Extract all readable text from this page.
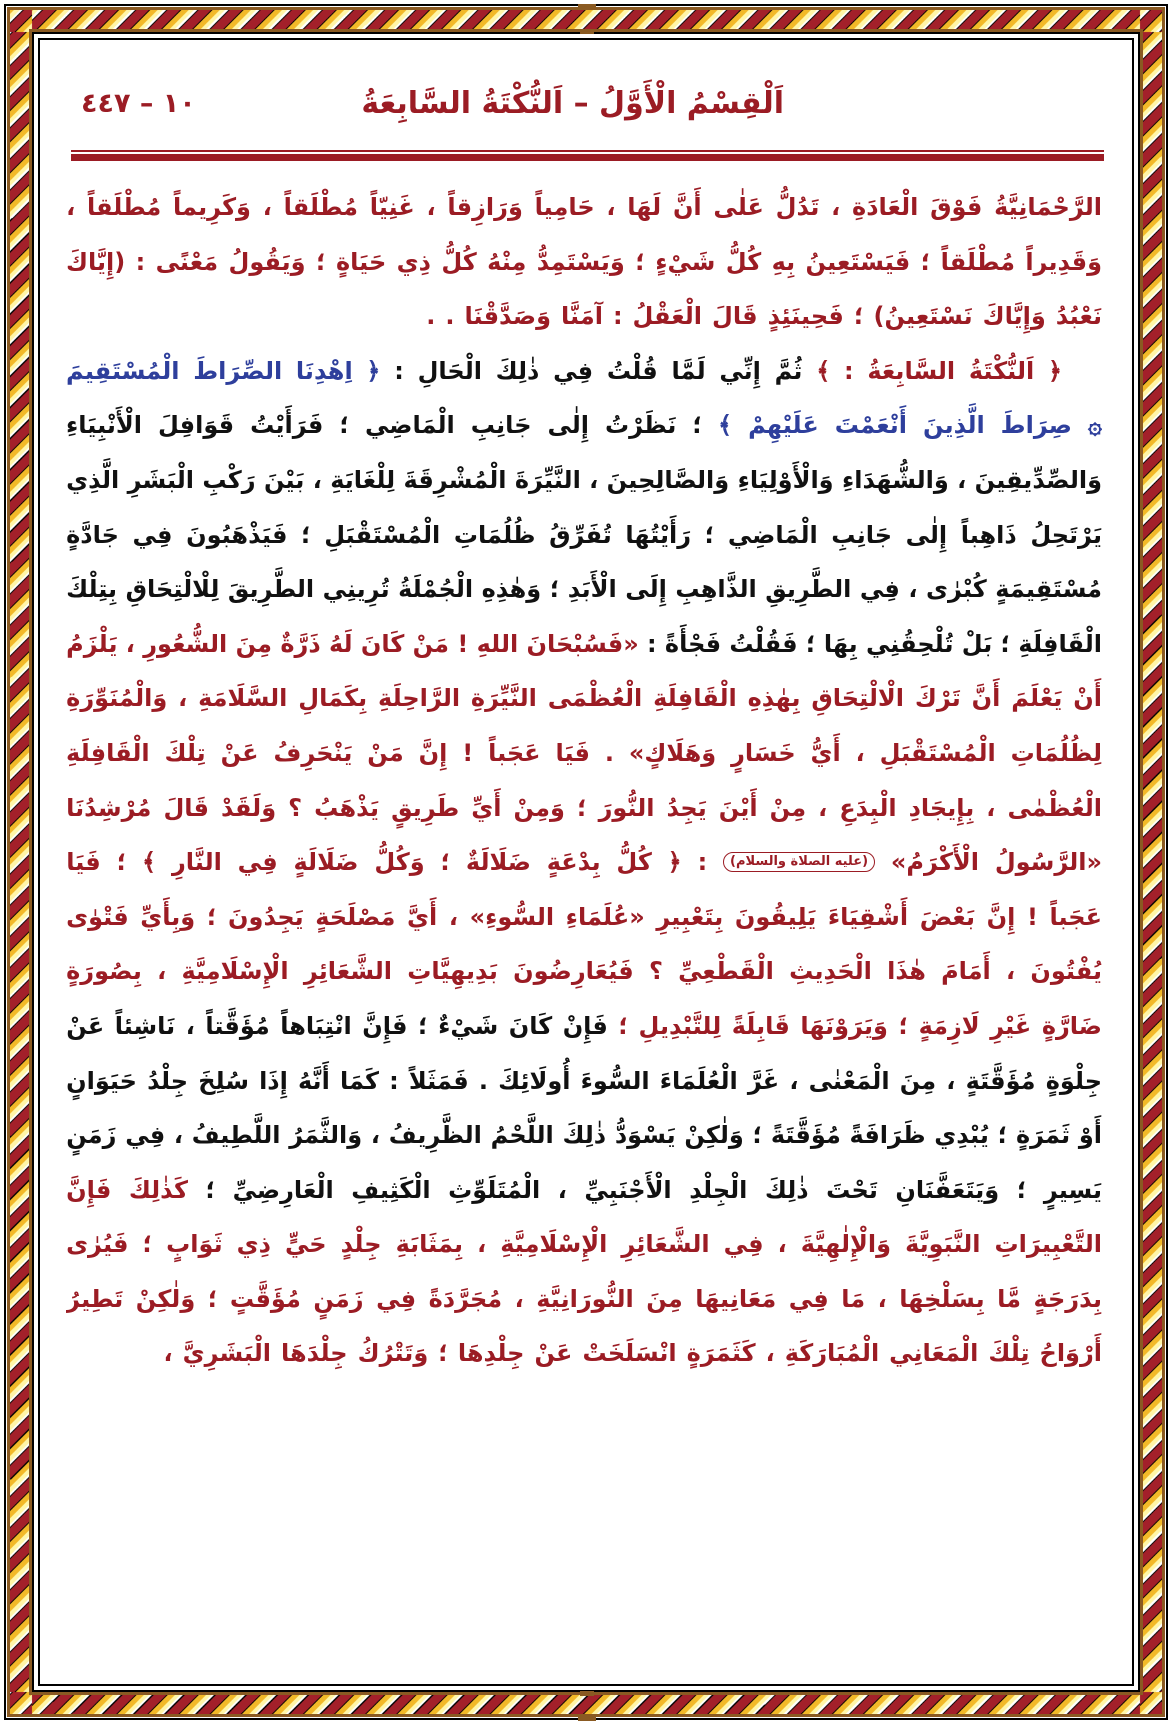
اَلْقِسْمُ الْأَوَّلُ – اَلنُّكْتَةُ السَّابِعَةُ
١٠ – ٤٤٧
الرَّحْمَانِيَّةُ
فَوْقَ
الْعَادَةِ
،
تَدُلُّ
عَلٰى
أَنَّ
لَهَا
،
حَامِياً
وَرَازِقاً
،
غَنِيّاً
مُطْلَقاً
،
وَكَرِيماً
مُطْلَقاً
،
وَقَدِيراً
مُطْلَقاً
؛
فَيَسْتَعِينُ
بِهِ
كُلُّ
شَيْءٍ
؛
وَيَسْتَمِدُّ
مِنْهُ
كُلُّ
ذِي
حَيَاةٍ
؛
وَيَقُولُ
مَعْنًى
:
(إِيَّاكَ
نَعْبُدُ
وَإِيَّاكَ
نَسْتَعِينُ)
؛
فَحِينَئِذٍ
قَالَ
الْعَقْلُ
:
آمَنَّا
وَصَدَّقْنَا
.
.
﴿
اَلنُّكْتَةُ
السَّابِعَةُ
:
﴾
ثُمَّ
إِنِّي
لَمَّا
قُلْتُ
فِي
ذٰلِكَ
الْحَالِ
:
﴿
اِهْدِنَا
الصِّرَاطَ
الْمُسْتَقِيمَ
۞
صِرَاطَ
الَّذِينَ
أَنْعَمْتَ
عَلَيْهِمْ
﴾
؛
نَظَرْتُ
إِلٰى
جَانِبِ
الْمَاضِي
؛
فَرَأَيْتُ
قَوَافِلَ
الْأَنْبِيَاءِ
وَالصِّدِّيقِينَ
،
وَالشُّهَدَاءِ
وَالْأَوْلِيَاءِ
وَالصَّالِحِينَ
،
النَّيِّرَةَ
الْمُشْرِقَةَ
لِلْغَايَةِ
،
بَيْنَ
رَكْبِ
الْبَشَرِ
الَّذِي
يَرْتَحِلُ
ذَاهِباً
إِلٰى
جَانِبِ
الْمَاضِي
؛
رَأَيْتُهَا
تُفَرِّقُ
ظُلُمَاتِ
الْمُسْتَقْبَلِ
؛
فَيَذْهَبُونَ
فِي
جَادَّةٍ
مُسْتَقِيمَةٍ
كُبْرٰى
،
فِي
الطَّرِيقِ
الذَّاهِبِ
إِلَى
الْأَبَدِ
؛
وَهٰذِهِ
الْجُمْلَةُ
تُرِينِي
الطَّرِيقَ
لِلْالْتِحَاقِ
بِتِلْكَ
الْقَافِلَةِ
؛
بَلْ
تُلْحِقُنِي
بِهَا
؛
فَقُلْتُ
فَجْأَةً
:
«فَسُبْحَانَ
اللهِ
!
مَنْ
كَانَ
لَهُ
ذَرَّةٌ
مِنَ
الشُّعُورِ
،
يَلْزَمُ
أَنْ
يَعْلَمَ
أَنَّ
تَرْكَ
الْالْتِحَاقِ
بِهٰذِهِ
الْقَافِلَةِ
الْعُظْمَى
النَّيِّرَةِ
الرَّاحِلَةِ
بِكَمَالِ
السَّلَامَةِ
،
وَالْمُنَوِّرَةِ
لِظُلُمَاتِ
الْمُسْتَقْبَلِ
،
أَيُّ
خَسَارٍ
وَهَلَاكٍ»
.
فَيَا
عَجَباً
!
إِنَّ
مَنْ
يَنْحَرِفُ
عَنْ
تِلْكَ
الْقَافِلَةِ
الْعُظْمٰى
،
بِإِيجَادِ
الْبِدَعِ
،
مِنْ
أَيْنَ
يَجِدُ
النُّورَ
؛
وَمِنْ
أَيِّ
طَرِيقٍ
يَذْهَبُ
؟
وَلَقَدْ
قَالَ
مُرْشِدُنَا
«الرَّسُولُ
الْأَكْرَمُ»
(عليه الصلاة والسلام)
:
﴿
كُلُّ
بِدْعَةٍ
ضَلَالَةٌ
؛
وَكُلُّ
ضَلَالَةٍ
فِي
النَّارِ
﴾
؛
فَيَا
عَجَباً
!
إِنَّ
بَعْضَ
أَشْقِيَاءَ
يَلِيقُونَ
بِتَعْبِيرِ
«عُلَمَاءِ
السُّوءِ»
،
أَيَّ
مَصْلَحَةٍ
يَجِدُونَ
؛
وَبِأَيِّ
فَتْوٰى
يُفْتُونَ
،
أَمَامَ
هٰذَا
الْحَدِيثِ
الْقَطْعِيِّ
؟
فَيُعَارِضُونَ
بَدِيهِيَّاتِ
الشَّعَائِرِ
الْإِسْلَامِيَّةِ
،
بِصُورَةٍ
ضَارَّةٍ
غَيْرِ
لَازِمَةٍ
؛
وَيَرَوْنَهَا
قَابِلَةً
لِلتَّبْدِيلِ
؛
فَإِنْ
كَانَ
شَيْءٌ
؛
فَإِنَّ
انْتِبَاهاً
مُؤَقَّتاً
،
نَاشِئاً
عَنْ
جِلْوَةٍ
مُؤَقَّتَةٍ
،
مِنَ
الْمَعْنٰى
،
غَرَّ
الْعُلَمَاءَ
السُّوءَ
أُولَائِكَ
.
فَمَثَلاً
:
كَمَا
أَنَّهُ
إِذَا
سُلِخَ
جِلْدُ
حَيَوَانٍ
أَوْ
ثَمَرَةٍ
؛
يُبْدِي
ظَرَافَةً
مُؤَقَّتَةً
؛
وَلٰكِنْ
يَسْوَدُّ
ذٰلِكَ
اللَّحْمُ
الظَّرِيفُ
،
وَالثَّمَرُ
اللَّطِيفُ
،
فِي
زَمَنٍ
يَسِيرٍ
؛
وَيَتَعَفَّنَانِ
تَحْتَ
ذٰلِكَ
الْجِلْدِ
الْأَجْنَبِيِّ
،
الْمُتَلَوِّثِ
الْكَثِيفِ
الْعَارِضِيِّ
؛
كَذٰلِكَ
فَإِنَّ
التَّعْبِيرَاتِ
النَّبَوِيَّةَ
وَالْإِلٰهِيَّةَ
،
فِي
الشَّعَائِرِ
الْإِسْلَامِيَّةِ
،
بِمَثَابَةِ
جِلْدٍ
حَيٍّ
ذِي
ثَوَابٍ
؛
فَيُرٰى
بِدَرَجَةٍ
مَّا
بِسَلْخِهَا
،
مَا
فِي
مَعَانِيهَا
مِنَ
النُّورَانِيَّةِ
،
مُجَرَّدَةً
فِي
زَمَنٍ
مُؤَقَّتٍ
؛
وَلٰكِنْ
تَطِيرُ
أَرْوَاحُ
تِلْكَ
الْمَعَانِي
الْمُبَارَكَةِ
،
كَثَمَرَةٍ
انْسَلَخَتْ
عَنْ
جِلْدِهَا
؛
وَتَتْرُكُ
جِلْدَهَا
الْبَشَرِيَّ
،
